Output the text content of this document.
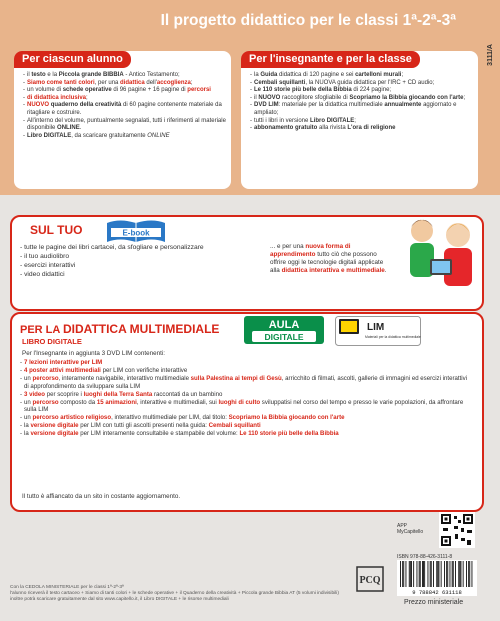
Il progetto didattico per le classi 1ª-2ª-3ª
3111/A
Per ciascun alunno
- il testo e la Piccola grande BIBBIA - Antico Testamento;
- Siamo come tanti colori, per una didattica dell'accoglienza;
- un volume di schede operative di 96 pagine + 16 pagine di percorsi
- di didattica inclusiva;
- NUOVO quaderno della creatività di 60 pagine contenente materiale da ritagliare e costruire.
- All'interno del volume, puntualmente segnalati, tutti i riferimenti al materiale disponibile ONLINE.
- Libro DIGITALE, da scaricare gratuitamente ONLINE
Per l'insegnante e per la classe
- la Guida didattica di 120 pagine e sei cartelloni murali;
- Cembali squillanti, la NUOVA guida didattica per l'IRC + CD audio;
- Le 110 storie più belle della Bibbia di 224 pagine;
- il NUOVO raccoglitore sfogliabile di Scopriamo la Bibbia giocando con l'arte;
- DVD LIM: materiale per la didattica multimediale annualmente aggiornato e ampliato;
- tutti i libri in versione Libro DIGITALE;
- abbonamento gratuito alla rivista L'ora di religione
SUL TUO	E-book
- tutte le pagine dei libri cartacei, da sfogliare e personalizzare
- il tuo audiolibro
- esercizi interattivi
- video didattici
... e per una nuova forma di apprendimento tutto ciò che possono offrire oggi le tecnologie digitali applicate alla didattica interattiva e multimediale.
PER LA DIDATTICA MULTIMEDIALE	AULA
DIGITALE
LIM
Materiali per la didattica multimediale
LIBRO DIGITALE
Per l'Insegnante in aggiunta 3 DVD LIM contenenti:
- 7 lezioni interattive per LIM
- 4 poster attivi multimediali per LIM con verifiche interattive
- un percorso, interamente navigabile, interattivo multimediale sulla Palestina ai tempi di Gesù, arricchito di filmati, ascolti, gallerie di immagini ed esercizi interattivi di approfondimento da sviluppare sulla LIM
- 3 video per scoprire i luoghi della Terra Santa raccontati da un bambino
- un percorso composto da 15 animazioni, interattive e multimediali, sui luoghi di culto sviluppatisi nel corso del tempo e presso le varie popolazioni, da affrontare sulla LIM
- un percorso artistico religioso, interattivo multimediale per LIM, dal titolo: Scopriamo la Bibbia giocando con l'arte
- la versione digitale per LIM con tutti gli ascolti presenti nella guida: Cembali squillanti
- la versione digitale per LIM interamente consultabile e stampabile del volume: Le 110 storie più belle della Bibbia
Il tutto è affiancato da un sito in costante aggiornamento.
APP
MyCapitello
ISBN 978-88-426-3111-8
9 788842 631118
Prezzo ministeriale
PCQ
Con la CEDOLA MINISTERIALE per le classi 1ª-2ª-3ª
l'alunno riceverà il testo cartaceo + Siamo di tanti colori + le schede operative + il Quaderno della creatività + Piccola grande Bibbia AT (5 volumi indivisibili)
inoltre potrà scaricare gratuitamente dal sito www.capitello.it, il Libro DIGITALE + le risorse multimediali
